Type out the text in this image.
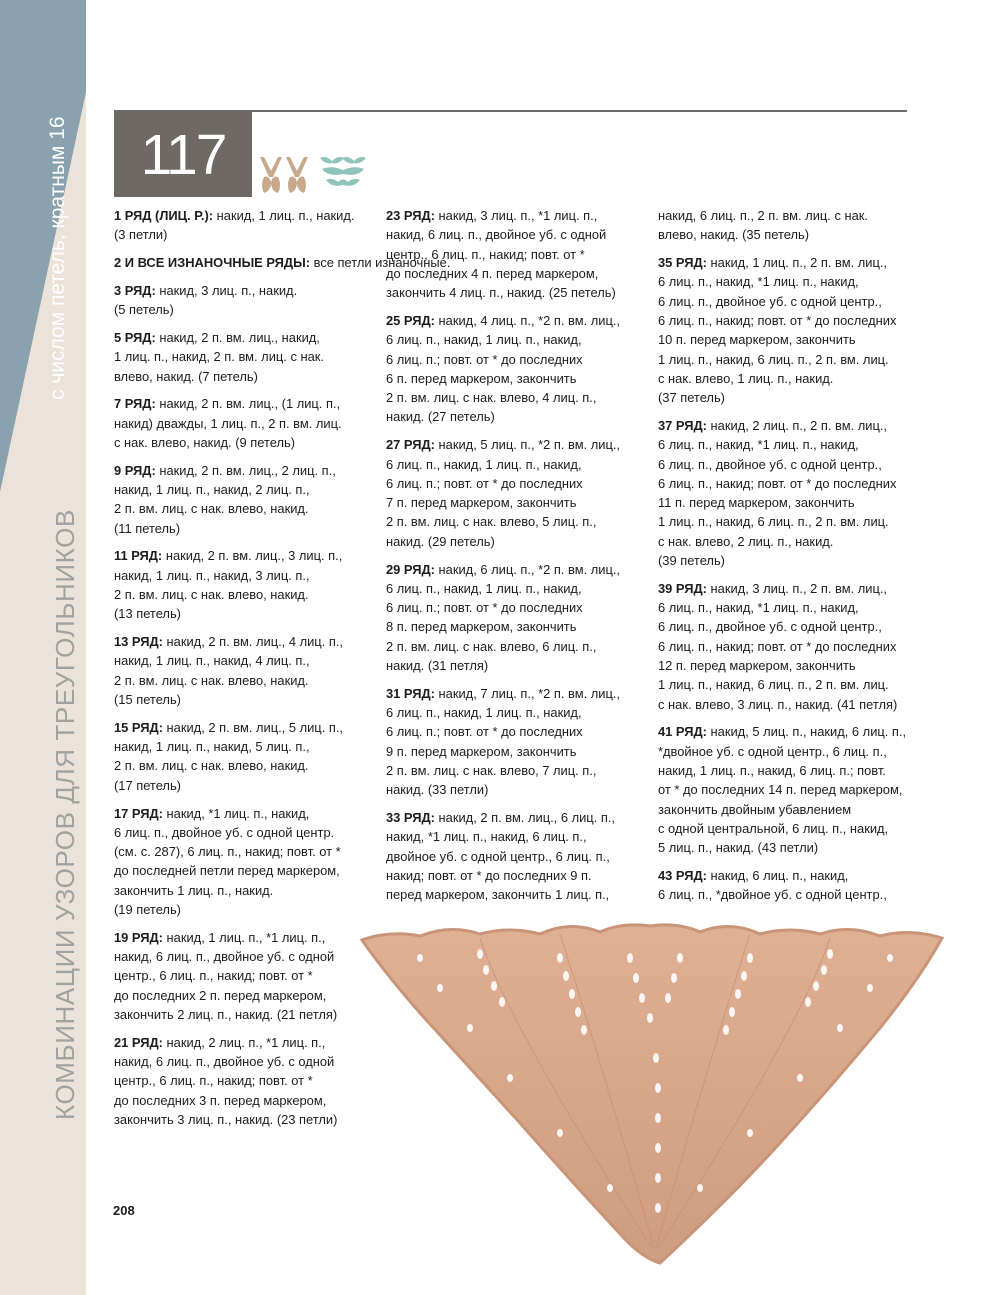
с числом петель, кратным 16
КОМБИНАЦИИ УЗОРОВ ДЛЯ ТРЕУГОЛЬНИКОВ
117
1 РЯД (ЛИЦ. Р.): накид, 1 лиц. п., накид.
(3 петли)
2 И ВСЕ ИЗНАНОЧНЫЕ РЯДЫ: все петли изнаночные.
3 РЯД: накид, 3 лиц. п., накид.
(5 петель)
5 РЯД: накид, 2 п. вм. лиц., накид,
1 лиц. п., накид, 2 п. вм. лиц. с нак.
влево, накид. (7 петель)
7 РЯД: накид, 2 п. вм. лиц., (1 лиц. п.,
накид) дважды, 1 лиц. п., 2 п. вм. лиц.
с нак. влево, накид. (9 петель)
9 РЯД: накид, 2 п. вм. лиц., 2 лиц. п.,
накид, 1 лиц. п., накид, 2 лиц. п.,
2 п. вм. лиц. с нак. влево, накид.
(11 петель)
11 РЯД: накид, 2 п. вм. лиц., 3 лиц. п.,
накид, 1 лиц. п., накид, 3 лиц. п.,
2 п. вм. лиц. с нак. влево, накид.
(13 петель)
13 РЯД: накид, 2 п. вм. лиц., 4 лиц. п.,
накид, 1 лиц. п., накид, 4 лиц. п.,
2 п. вм. лиц. с нак. влево, накид.
(15 петель)
15 РЯД: накид, 2 п. вм. лиц., 5 лиц. п.,
накид, 1 лиц. п., накид, 5 лиц. п.,
2 п. вм. лиц. с нак. влево, накид.
(17 петель)
17 РЯД: накид, *1 лиц. п., накид,
6 лиц. п., двойное уб. с одной центр.
(см. с. 287), 6 лиц. п., накид; повт. от *
до последней петли перед маркером,
закончить 1 лиц. п., накид.
(19 петель)
19 РЯД: накид, 1 лиц. п., *1 лиц. п.,
накид, 6 лиц. п., двойное уб. с одной
центр., 6 лиц. п., накид; повт. от *
до последних 2 п. перед маркером,
закончить 2 лиц. п., накид. (21 петля)
21 РЯД: накид, 2 лиц. п., *1 лиц. п.,
накид, 6 лиц. п., двойное уб. с одной
центр., 6 лиц. п., накид; повт. от *
до последних 3 п. перед маркером,
закончить 3 лиц. п., накид. (23 петли)
23 РЯД: накид, 3 лиц. п., *1 лиц. п.,
накид, 6 лиц. п., двойное уб. с одной
центр., 6 лиц. п., накид; повт. от *
до последних 4 п. перед маркером,
закончить 4 лиц. п., накид. (25 петель)
25 РЯД: накид, 4 лиц. п., *2 п. вм. лиц.,
6 лиц. п., накид, 1 лиц. п., накид,
6 лиц. п.; повт. от * до последних
6 п. перед маркером, закончить
2 п. вм. лиц. с нак. влево, 4 лиц. п.,
накид. (27 петель)
27 РЯД: накид, 5 лиц. п., *2 п. вм. лиц.,
6 лиц. п., накид, 1 лиц. п., накид,
6 лиц. п.; повт. от * до последних
7 п. перед маркером, закончить
2 п. вм. лиц. с нак. влево, 5 лиц. п.,
накид. (29 петель)
29 РЯД: накид, 6 лиц. п., *2 п. вм. лиц.,
6 лиц. п., накид, 1 лиц. п., накид,
6 лиц. п.; повт. от * до последних
8 п. перед маркером, закончить
2 п. вм. лиц. с нак. влево, 6 лиц. п.,
накид. (31 петля)
31 РЯД: накид, 7 лиц. п., *2 п. вм. лиц.,
6 лиц. п., накид, 1 лиц. п., накид,
6 лиц. п.; повт. от * до последних
9 п. перед маркером, закончить
2 п. вм. лиц. с нак. влево, 7 лиц. п.,
накид. (33 петли)
33 РЯД: накид, 2 п. вм. лиц., 6 лиц. п.,
накид, *1 лиц. п., накид, 6 лиц. п.,
двойное уб. с одной центр., 6 лиц. п.,
накид; повт. от * до последних 9 п.
перед маркером, закончить 1 лиц. п.,
накид, 6 лиц. п., 2 п. вм. лиц. с нак.
влево, накид. (35 петель)
35 РЯД: накид, 1 лиц. п., 2 п. вм. лиц.,
6 лиц. п., накид, *1 лиц. п., накид,
6 лиц. п., двойное уб. с одной центр.,
6 лиц. п., накид; повт. от * до последних
10 п. перед маркером, закончить
1 лиц. п., накид, 6 лиц. п., 2 п. вм. лиц.
с нак. влево, 1 лиц. п., накид.
(37 петель)
37 РЯД: накид, 2 лиц. п., 2 п. вм. лиц.,
6 лиц. п., накид, *1 лиц. п., накид,
6 лиц. п., двойное уб. с одной центр.,
6 лиц. п., накид; повт. от * до последних
11 п. перед маркером, закончить
1 лиц. п., накид, 6 лиц. п., 2 п. вм. лиц.
с нак. влево, 2 лиц. п., накид.
(39 петель)
39 РЯД: накид, 3 лиц. п., 2 п. вм. лиц.,
6 лиц. п., накид, *1 лиц. п., накид,
6 лиц. п., двойное уб. с одной центр.,
6 лиц. п., накид; повт. от * до последних
12 п. перед маркером, закончить
1 лиц. п., накид, 6 лиц. п., 2 п. вм. лиц.
с нак. влево, 3 лиц. п., накид. (41 петля)
41 РЯД: накид, 5 лиц. п., накид, 6 лиц. п.,
*двойное уб. с одной центр., 6 лиц. п.,
накид, 1 лиц. п., накид, 6 лиц. п.; повт.
от * до последних 14 п. перед маркером,
закончить двойным убавлением
с одной центральной, 6 лиц. п., накид,
5 лиц. п., накид. (43 петли)
43 РЯД: накид, 6 лиц. п., накид,
6 лиц. п., *двойное уб. с одной центр.,
208
